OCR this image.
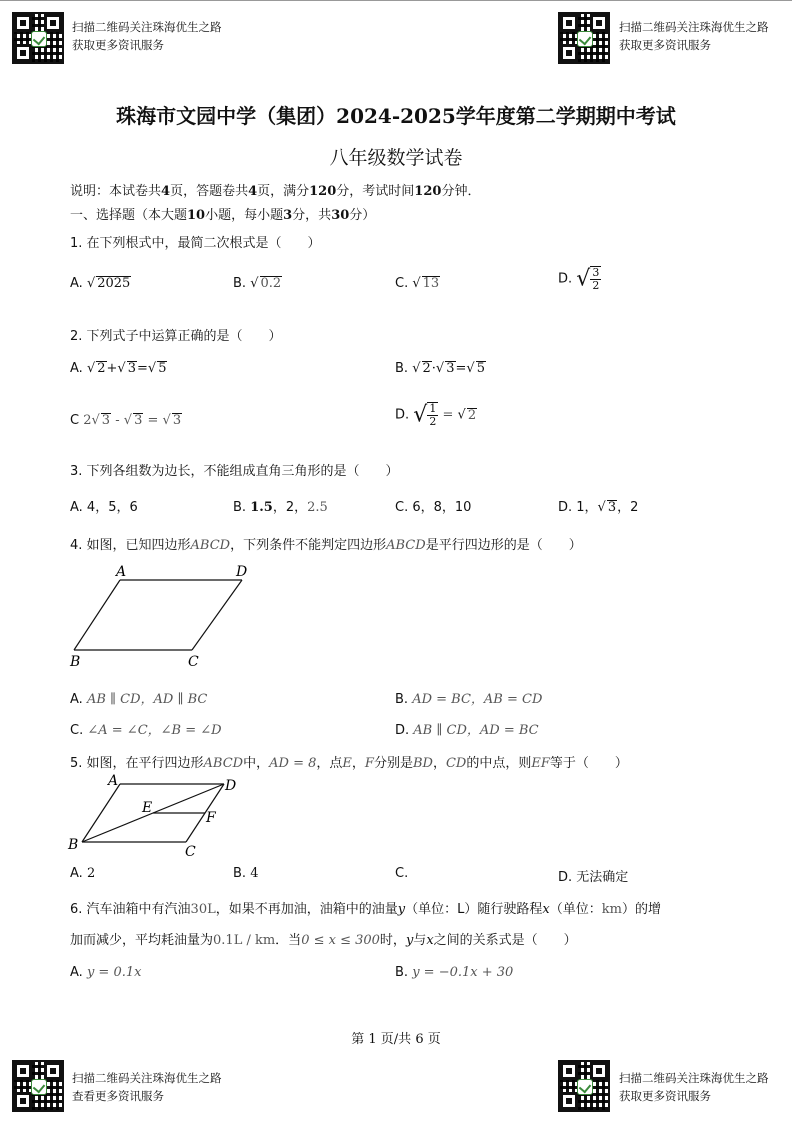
扫描二维码关注珠海优生之路
获取更多资讯服务
扫描二维码关注珠海优生之路
获取更多资讯服务
珠海市文园中学（集团）2024-2025学年度第二学期期中考试
八年级数学试卷
说明：本试卷共4页，答题卷共4页，满分120分，考试时间120分钟．
一、选择题（本大题10小题，每小题3分，共30分）
1. 在下列根式中，最简二次根式是（　　）
A. √ 2025	B. √ 0.2	C. √ 13	D. √ $\frac{3}{2}$
2. 下列式子中运算正确的是（　　）
A. √ 2+√ 3=√ 5	B. √ 2·√ 3=√ 5
C 2√ 3 - √ 3 = √ 3	D. √ $\frac{1}{2}$ = √ 2
3. 下列各组数为边长，不能组成直角三角形的是（　　）
A. 4，5，6	B. 1.5，2，2.5	C. 6，8，10	D. 1，√ 3，2
4. 如图，已知四边形ABCD，下列条件不能判定四边形ABCD是平行四边形的是（　　）
A	D
B	C
A. AB ∥ CD，AD ∥ BC	B. AD = BC，AB = CD
C. ∠A = ∠C，∠B = ∠D	D. AB ∥ CD，AD = BC
5. 如图，在平行四边形ABCD中，AD = 8，点E，F分别是BD，CD的中点，则EF等于（　　）
A	D
B	C
E
F
A. 2	B. 4	C.	D. 无法确定
6. 汽车油箱中有汽油30L，如果不再加油，油箱中的油量y（单位：L）随行驶路程x（单位：km）的增
加而减少，平均耗油量为0.1L / km．当0 ≤ x ≤ 300时，y与x之间的关系式是（　　）
A. y = 0.1x	B. y = −0.1x + 30
第 1 页/共 6 页
扫描二维码关注珠海优生之路
查看更多资讯服务
扫描二维码关注珠海优生之路
获取更多资讯服务
